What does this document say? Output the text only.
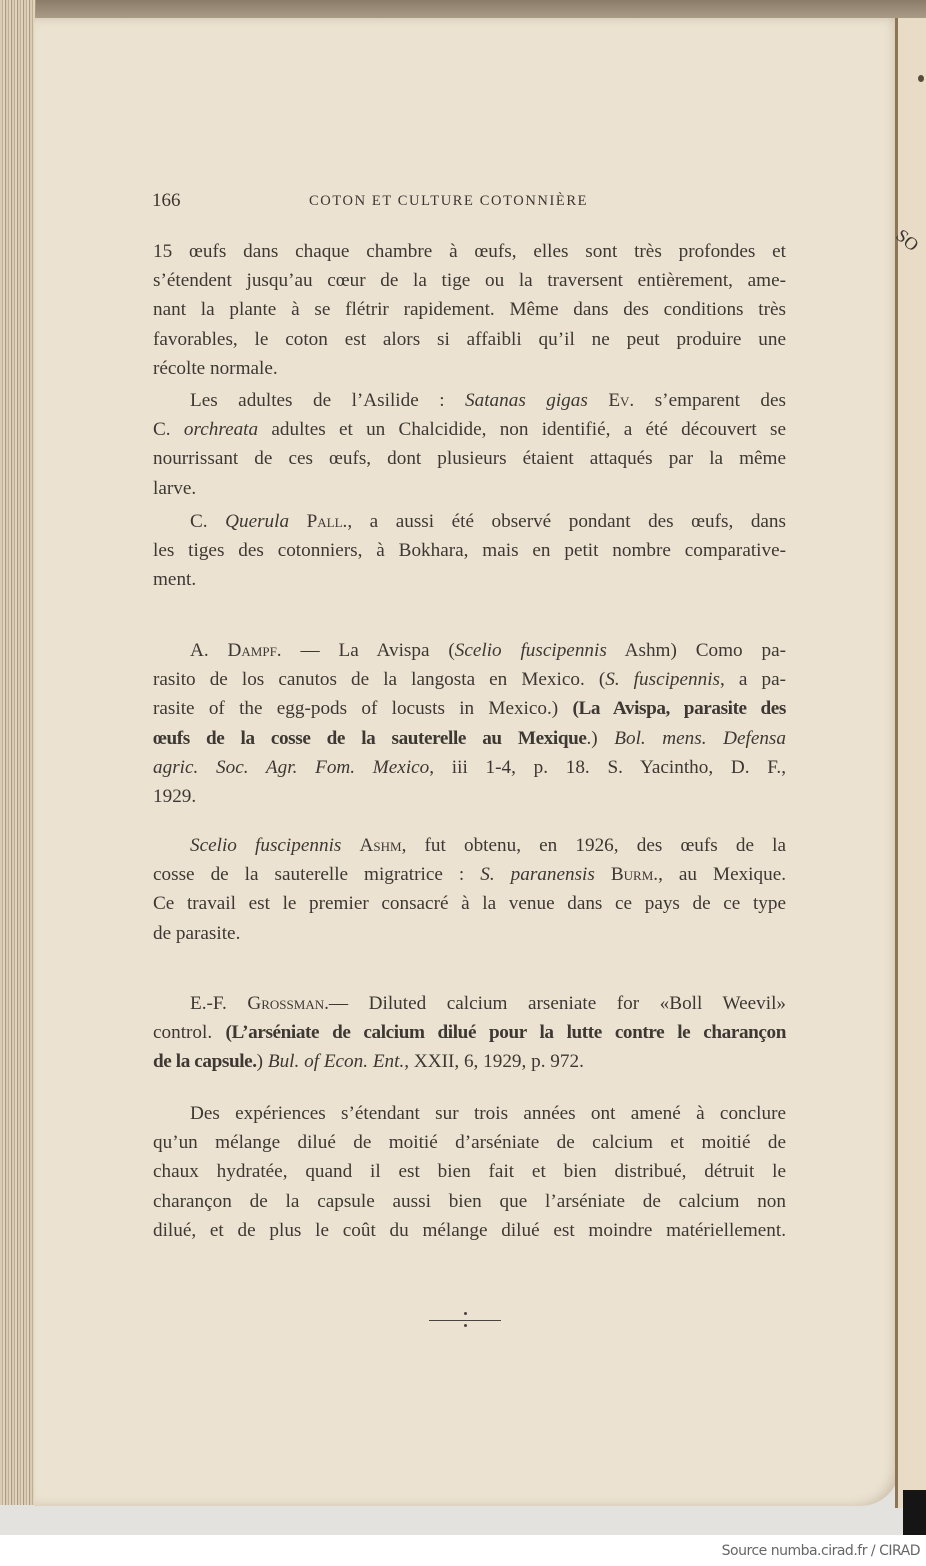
SO
166	COTON ET CULTURE COTONNIÈRE
15 œufs dans chaque chambre à œufs, elles sont très profondes et
s’étendent jusqu’au cœur de la tige ou la traversent entièrement, ame-
nant la plante à se flétrir rapidement. Même dans des conditions très
favorables, le coton est alors si affaibli qu’il ne peut produire une
récolte normale.
Les adultes de l’Asilide : Satanas gigas Ev. s’emparent des
C. orchreata adultes et un Chalcidide, non identifié, a été découvert se
nourrissant de ces œufs, dont plusieurs étaient attaqués par la même
larve.
C. Querula Pall., a aussi été observé pondant des œufs, dans
les tiges des cotonniers, à Bokhara, mais en petit nombre comparative-
ment.
A. Dampf. — La Avispa (Scelio fuscipennis Ashm) Como pa-
rasito de los canutos de la langosta en Mexico. (S. fuscipennis, a pa-
rasite of the egg-pods of locusts in Mexico.) (La Avispa, parasite des
œufs de la cosse de la sauterelle au Mexique.) Bol. mens. Defensa
agric. Soc. Agr. Fom. Mexico, iii 1-4, p. 18. S. Yacintho, D. F.,
1929.
Scelio fuscipennis Ashm, fut obtenu, en 1926, des œufs de la
cosse de la sauterelle migratrice : S. paranensis Burm., au Mexique.
Ce travail est le premier consacré à la venue dans ce pays de ce type
de parasite.
E.-F. Grossman.— Diluted calcium arseniate for «Boll Weevil»
control. (L’arséniate de calcium dilué pour la lutte contre le charançon
de la capsule.) Bul. of Econ. Ent., XXII, 6, 1929, p. 972.
Des expériences s’étendant sur trois années ont amené à conclure
qu’un mélange dilué de moitié d’arséniate de calcium et moitié de
chaux hydratée, quand il est bien fait et bien distribué, détruit le
charançon de la capsule aussi bien que l’arséniate de calcium non
dilué, et de plus le coût du mélange dilué est moindre matériellement.
Source numba.cirad.fr / CIRAD
